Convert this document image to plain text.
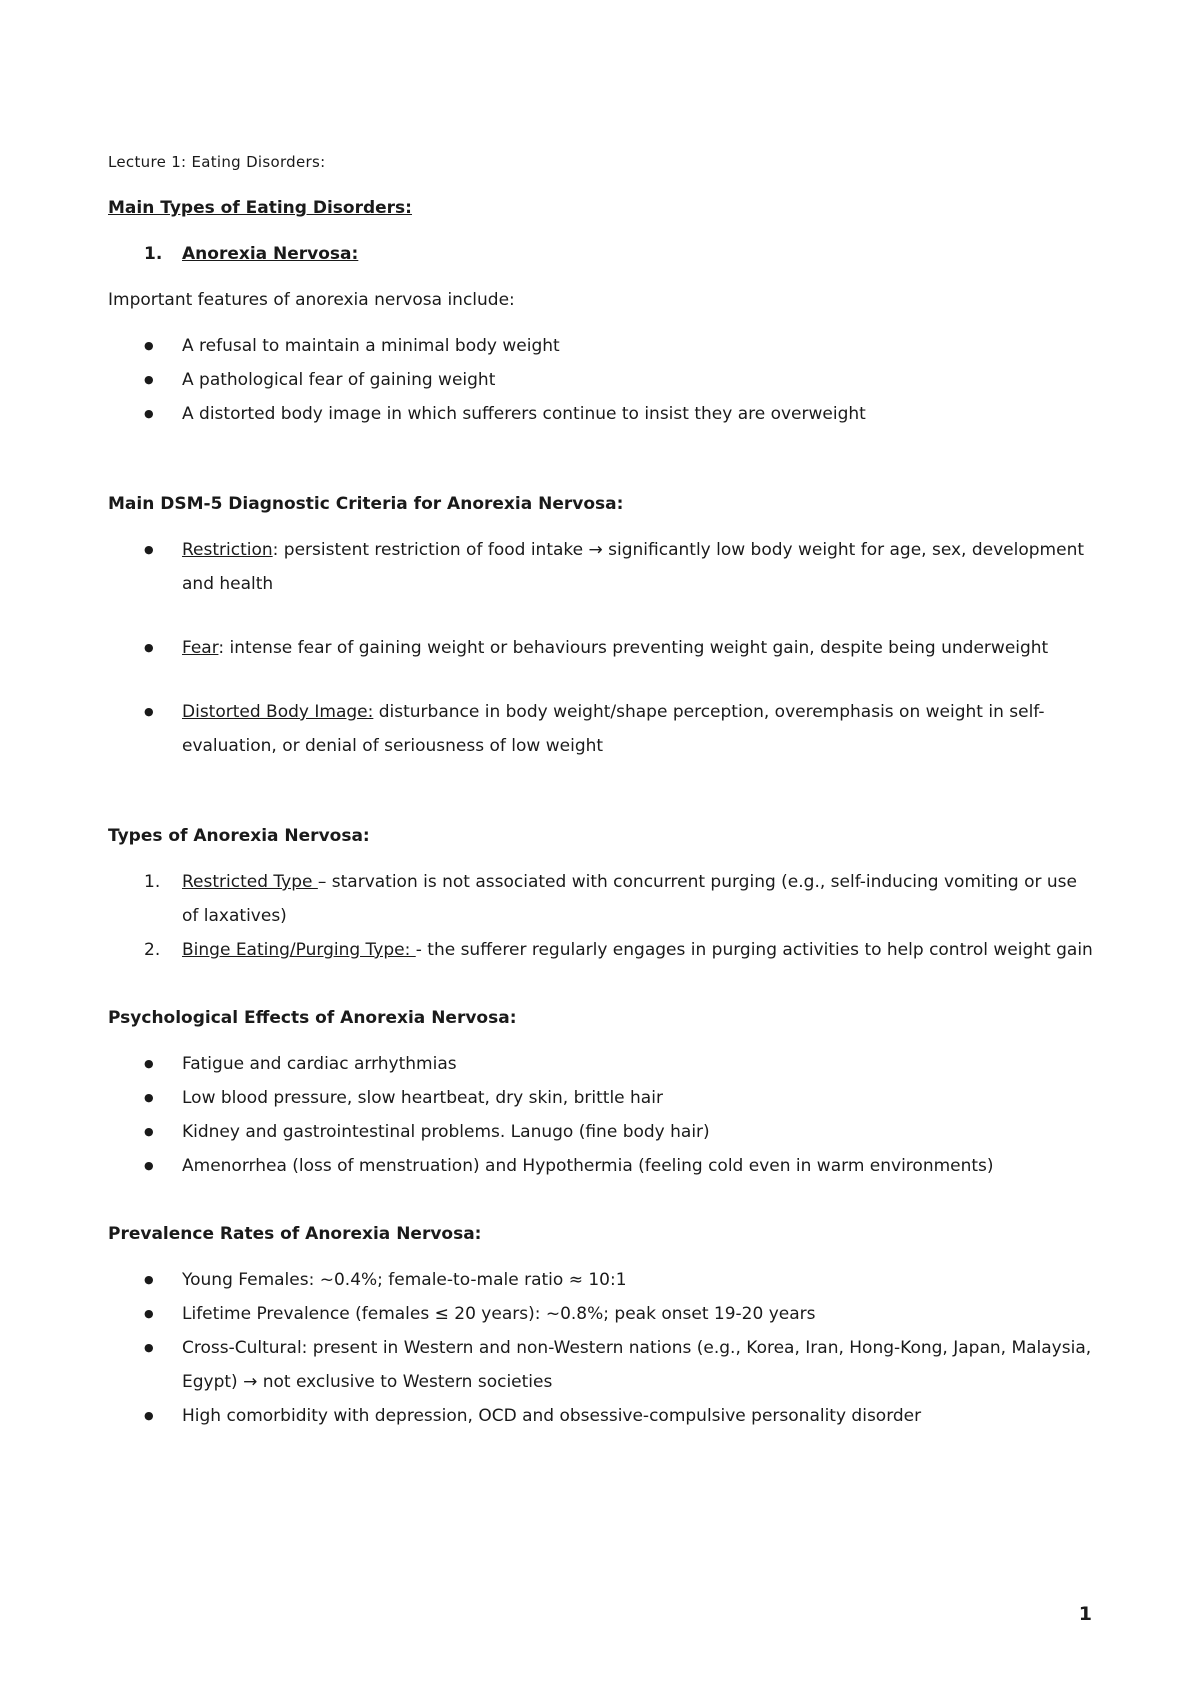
Lecture 1: Eating Disorders:

Main Types of Eating Disorders:

1. Anorexia Nervosa:

Important features of anorexia nervosa include:

● A refusal to maintain a minimal body weight
● A pathological fear of gaining weight
● A distorted body image in which sufferers continue to insist they are overweight

Main DSM-5 Diagnostic Criteria for Anorexia Nervosa:

● Restriction: persistent restriction of food intake → significantly low body weight for age, sex, development and health
● Fear: intense fear of gaining weight or behaviours preventing weight gain, despite being underweight
● Distorted Body Image: disturbance in body weight/shape perception, overemphasis on weight in self-evaluation, or denial of seriousness of low weight

Types of Anorexia Nervosa:

1. Restricted Type – starvation is not associated with concurrent purging (e.g., self-inducing vomiting or use of laxatives)
2. Binge Eating/Purging Type: - the sufferer regularly engages in purging activities to help control weight gain

Psychological Effects of Anorexia Nervosa:

● Fatigue and cardiac arrhythmias
● Low blood pressure, slow heartbeat, dry skin, brittle hair
● Kidney and gastrointestinal problems. Lanugo (fine body hair)
● Amenorrhea (loss of menstruation) and Hypothermia (feeling cold even in warm environments)

Prevalence Rates of Anorexia Nervosa:

● Young Females: ~0.4%; female-to-male ratio ≈ 10:1
● Lifetime Prevalence (females ≤ 20 years): ~0.8%; peak onset 19-20 years
● Cross-Cultural: present in Western and non-Western nations (e.g., Korea, Iran, Hong-Kong, Japan, Malaysia, Egypt) → not exclusive to Western societies
● High comorbidity with depression, OCD and obsessive-compulsive personality disorder
1
